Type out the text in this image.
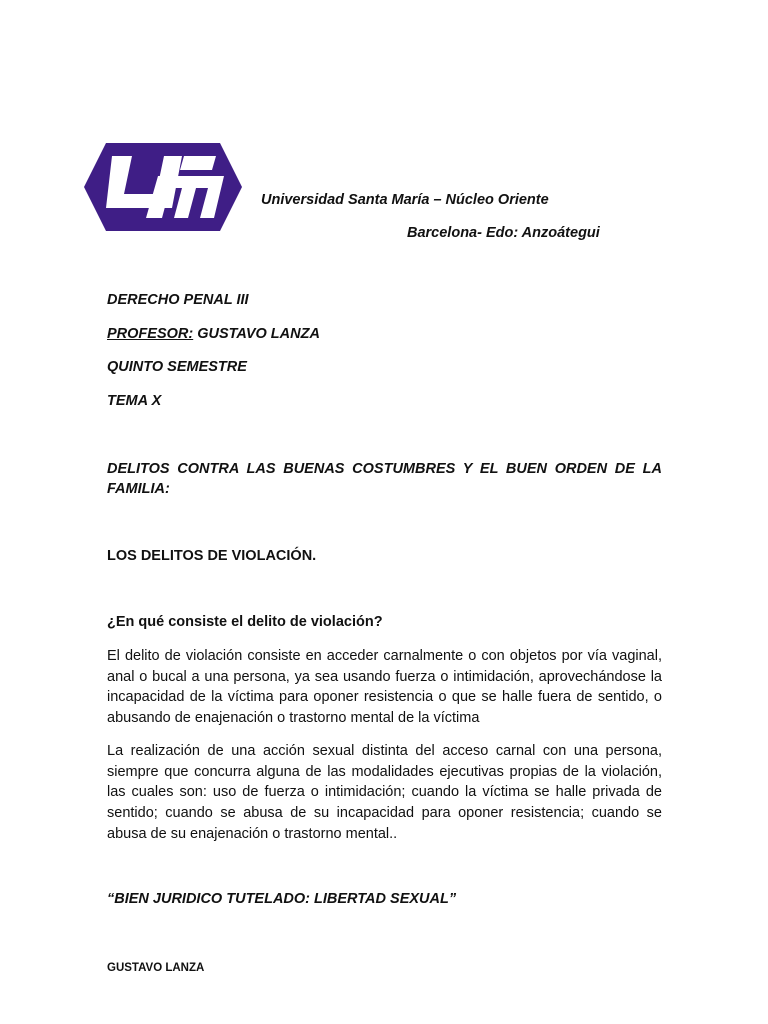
Universidad Santa María – Núcleo Oriente
Barcelona- Edo: Anzoátegui
DERECHO PENAL III
PROFESOR: GUSTAVO LANZA
QUINTO SEMESTRE
TEMA X
DELITOS CONTRA LAS BUENAS COSTUMBRES Y EL BUEN ORDEN DE LA FAMILIA:
LOS DELITOS DE VIOLACIÓN.
¿En qué consiste el delito de violación?

El delito de violación consiste en acceder carnalmente o con objetos por vía vaginal, anal o bucal a una persona, ya sea usando fuerza o intimidación, aprovechándose la incapacidad de la víctima para oponer resistencia o que se halle fuera de sentido, o abusando de enajenación o trastorno mental de la víctima

La realización de una acción sexual distinta del acceso carnal con una persona, siempre que concurra alguna de las modalidades ejecutivas propias de la violación, las cuales son: uso de fuerza o intimidación; cuando la víctima se halle privada de sentido; cuando se abusa de su incapacidad para oponer resistencia; cuando se abusa de su enajenación o trastorno mental..

“BIEN JURIDICO TUTELADO: LIBERTAD SEXUAL”
GUSTAVO LANZA
